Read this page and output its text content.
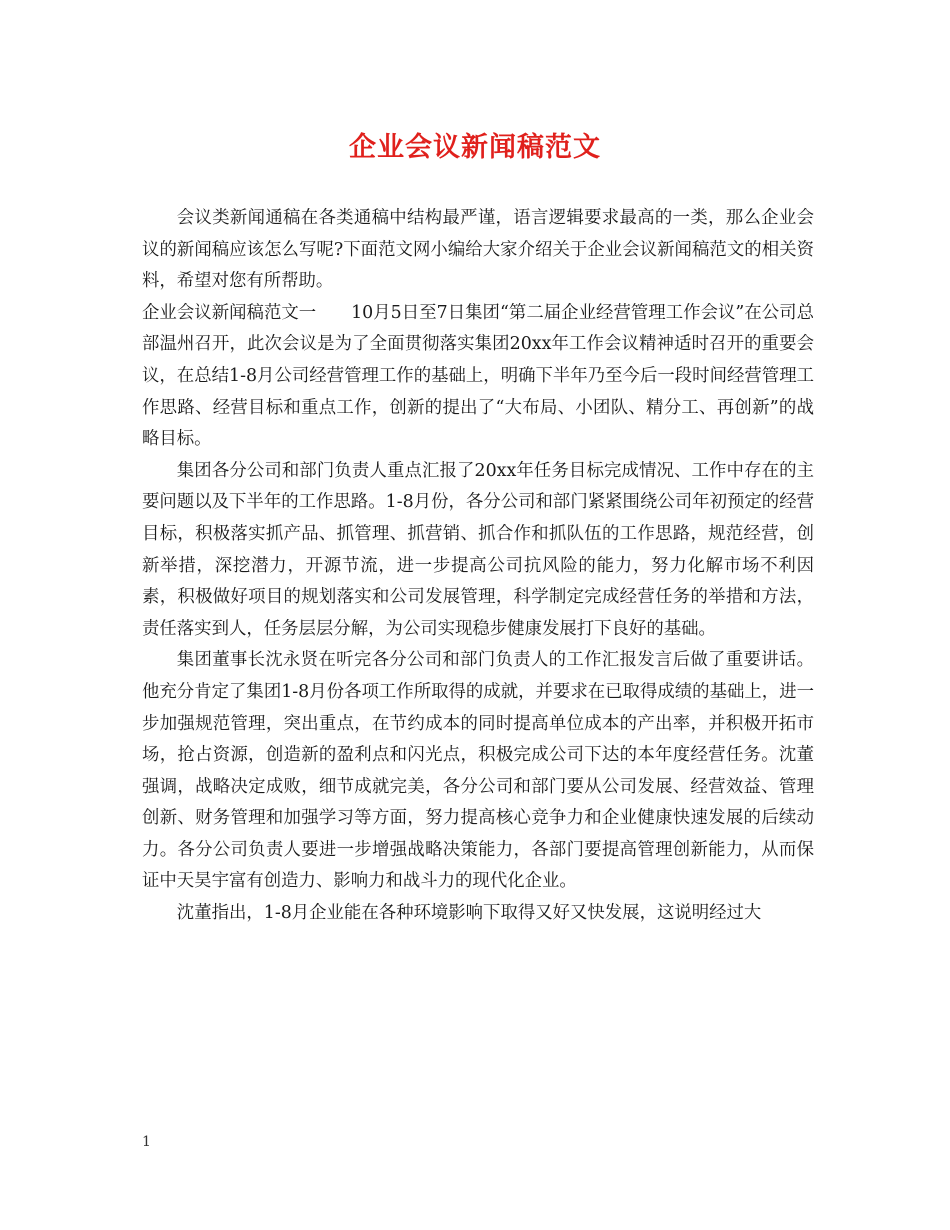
企业会议新闻稿范文

会议类新闻通稿在各类通稿中结构最严谨，语言逻辑要求最高的一类，那么企业会议的新闻稿应该怎么写呢?下面范文网小编给大家介绍关于企业会议新闻稿范文的相关资料，希望对您有所帮助。

企业会议新闻稿范文一　　10月5日至7日集团“第二届企业经营管理工作会议”在公司总部温州召开，此次会议是为了全面贯彻落实集团20xx年工作会议精神适时召开的重要会议，在总结1-8月公司经营管理工作的基础上，明确下半年乃至今后一段时间经营管理工作思路、经营目标和重点工作，创新的提出了“大布局、小团队、精分工、再创新”的战略目标。

集团各分公司和部门负责人重点汇报了20xx年任务目标完成情况、工作中存在的主要问题以及下半年的工作思路。1-8月份，各分公司和部门紧紧围绕公司年初预定的经营目标，积极落实抓产品、抓管理、抓营销、抓合作和抓队伍的工作思路，规范经营，创新举措，深挖潜力，开源节流，进一步提高公司抗风险的能力，努力化解市场不利因素，积极做好项目的规划落实和公司发展管理，科学制定完成经营任务的举措和方法，责任落实到人，任务层层分解，为公司实现稳步健康发展打下良好的基础。

集团董事长沈永贤在听完各分公司和部门负责人的工作汇报发言后做了重要讲话。他充分肯定了集团1-8月份各项工作所取得的成就，并要求在已取得成绩的基础上，进一步加强规范管理，突出重点，在节约成本的同时提高单位成本的产出率，并积极开拓市场，抢占资源，创造新的盈利点和闪光点，积极完成公司下达的本年度经营任务。沈董强调，战略决定成败，细节成就完美，各分公司和部门要从公司发展、经营效益、管理创新、财务管理和加强学习等方面，努力提高核心竞争力和企业健康快速发展的后续动力。各分公司负责人要进一步增强战略决策能力，各部门要提高管理创新能力，从而保证中天昊宇富有创造力、影响力和战斗力的现代化企业。

沈董指出，1-8月企业能在各种环境影响下取得又好又快发展，这说明经过大

1
